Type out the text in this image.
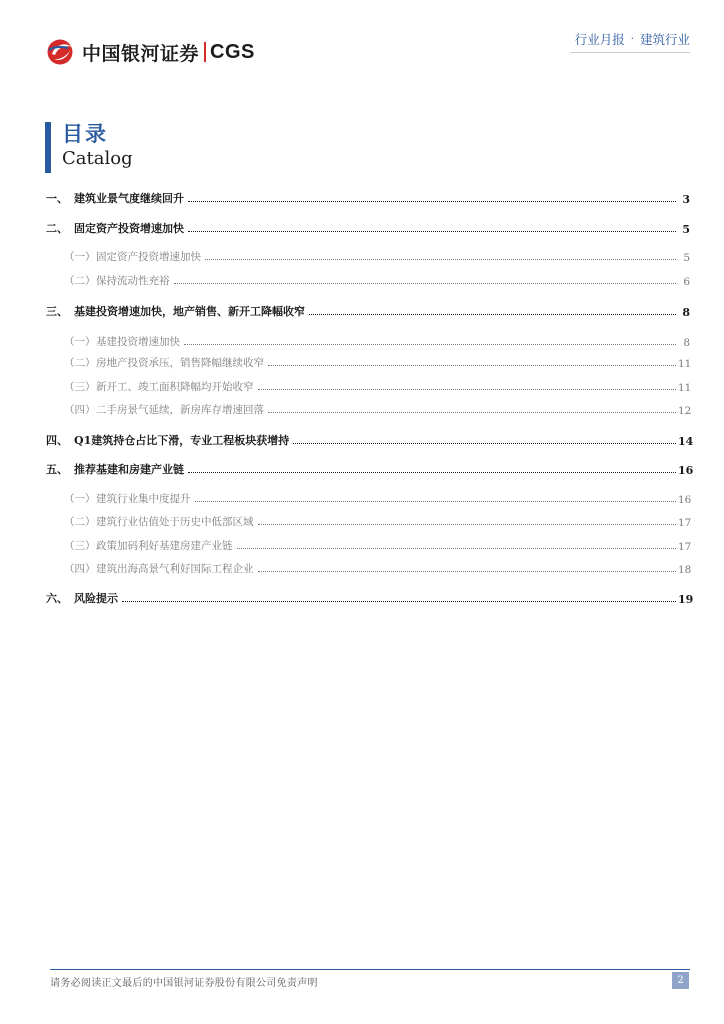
中国银河证券 CGS
行业月报 · 建筑行业
目录
Catalog
一、 建筑业景气度继续回升	3
二、 固定资产投资增速加快	5
（一） 固定资产投资增速加快	5
（二） 保持流动性充裕	6
三、 基建投资增速加快，地产销售、新开工降幅收窄	8
（一） 基建投资增速加快	8
（二） 房地产投资承压，销售降幅继续收窄	11
（三） 新开工、竣工面积降幅均开始收窄	11
（四） 二手房景气延续，新房库存增速回落	12
四、 Q1建筑持仓占比下滑，专业工程板块获增持	14
五、 推荐基建和房建产业链	16
（一） 建筑行业集中度提升	16
（二） 建筑行业估值处于历史中低部区域	17
（三） 政策加码利好基建房建产业链	17
（四） 建筑出海高景气利好国际工程企业	18
六、 风险提示	19
请务必阅读正文最后的中国银河证券股份有限公司免责声明	2
